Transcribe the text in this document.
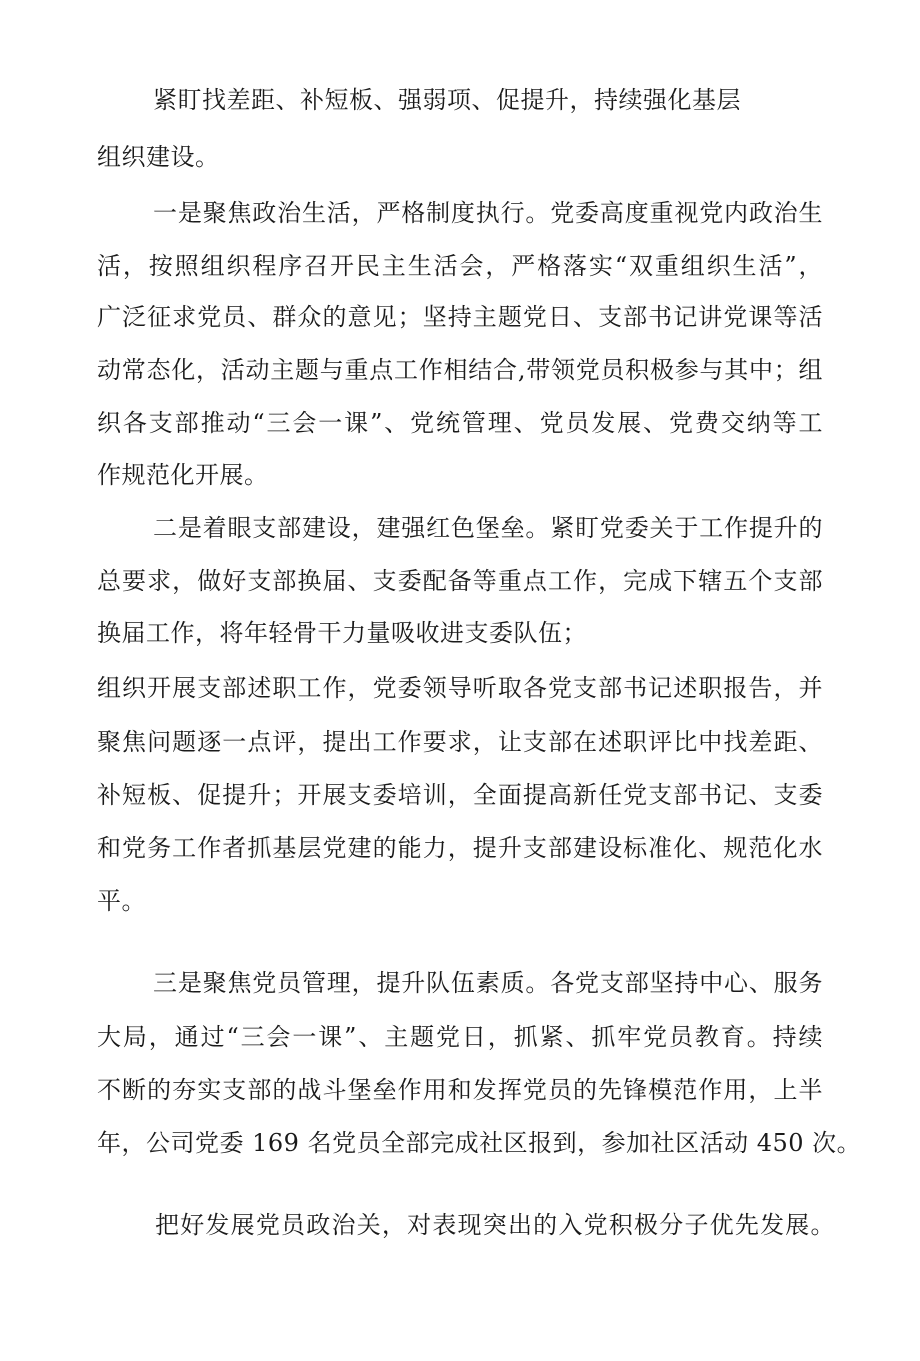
紧盯找差距、补短板、强弱项、促提升，持续强化基层
组织建设。
一是聚焦政治生活，严格制度执行。党委高度重视党内政治生
活，按照组织程序召开民主生活会，严格落实“双重组织生活”，
广泛征求党员、群众的意见；坚持主题党日、支部书记讲党课等活
动常态化，活动主题与重点工作相结合,带领党员积极参与其中；组
织各支部推动“三会一课”、党统管理、党员发展、党费交纳等工
作规范化开展。
二是着眼支部建设，建强红色堡垒。紧盯党委关于工作提升的
总要求，做好支部换届、支委配备等重点工作，完成下辖五个支部
换届工作，将年轻骨干力量吸收进支委队伍；
组织开展支部述职工作，党委领导听取各党支部书记述职报告，并
聚焦问题逐一点评，提出工作要求，让支部在述职评比中找差距、
补短板、促提升；开展支委培训，全面提高新任党支部书记、支委
和党务工作者抓基层党建的能力，提升支部建设标准化、规范化水
平。
三是聚焦党员管理，提升队伍素质。各党支部坚持中心、服务
大局，通过“三会一课”、主题党日，抓紧、抓牢党员教育。持续
不断的夯实支部的战斗堡垒作用和发挥党员的先锋模范作用，上半
年，公司党委 169 名党员全部完成社区报到，参加社区活动 450 次。
把好发展党员政治关，对表现突出的入党积极分子优先发展。
